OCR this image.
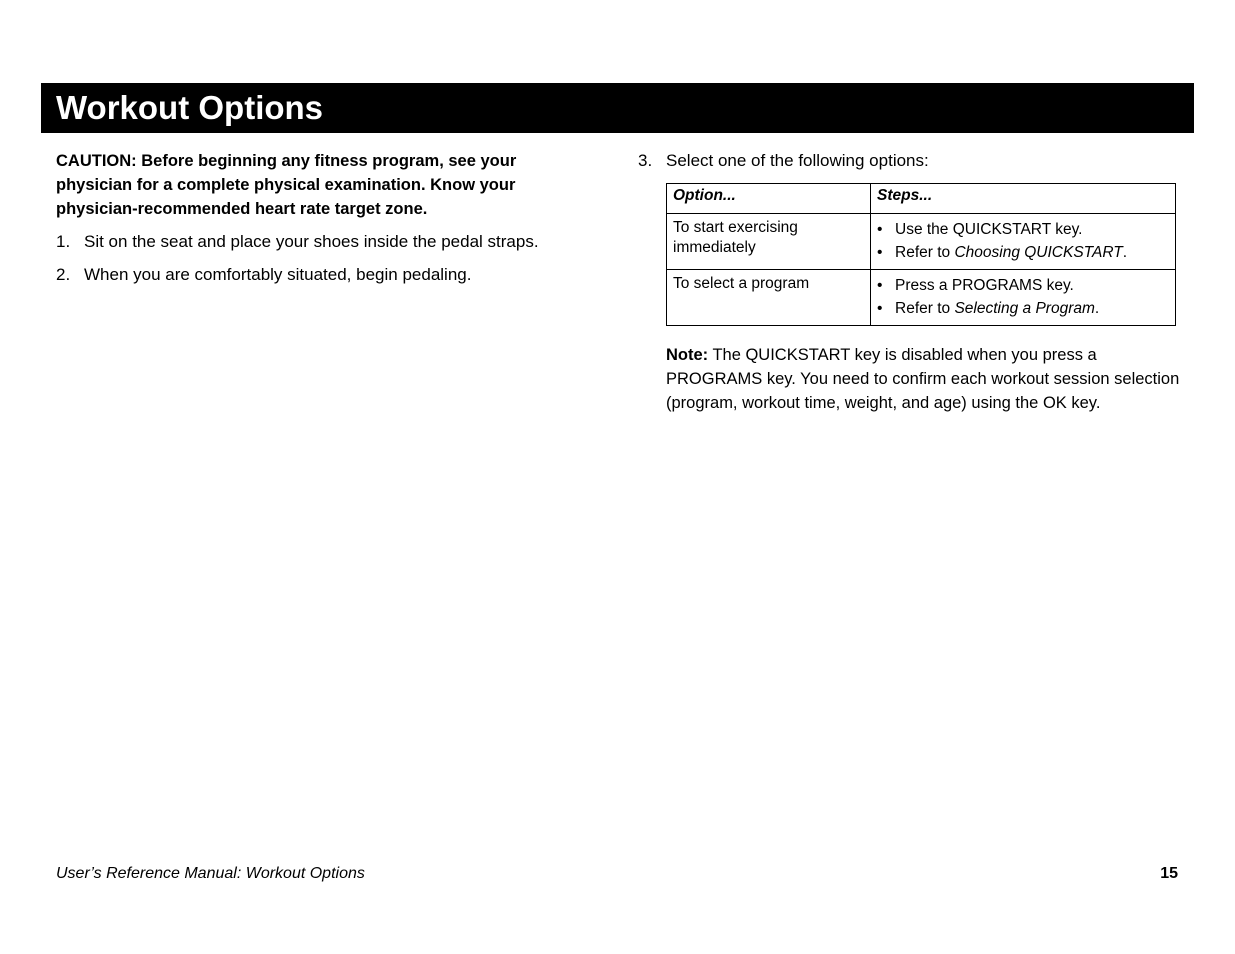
Workout Options

CAUTION: Before beginning any fitness program, see your physician for a complete physical examination. Know your physician-recommended heart rate target zone.

1. Sit on the seat and place your shoes inside the pedal straps.
2. When you are comfortably situated, begin pedaling.
3. Select one of the following options:
Option...	Steps...
To start exercising immediately	• Use the QUICKSTART key.
• Refer to Choosing QUICKSTART.

To select a program	• Press a PROGRAMS key.
• Refer to Selecting a Program.

Note: The QUICKSTART key is disabled when you press a PROGRAMS key. You need to confirm each workout session selection (program, workout time, weight, and age) using the OK key.

User’s Reference Manual: Workout Options	15
